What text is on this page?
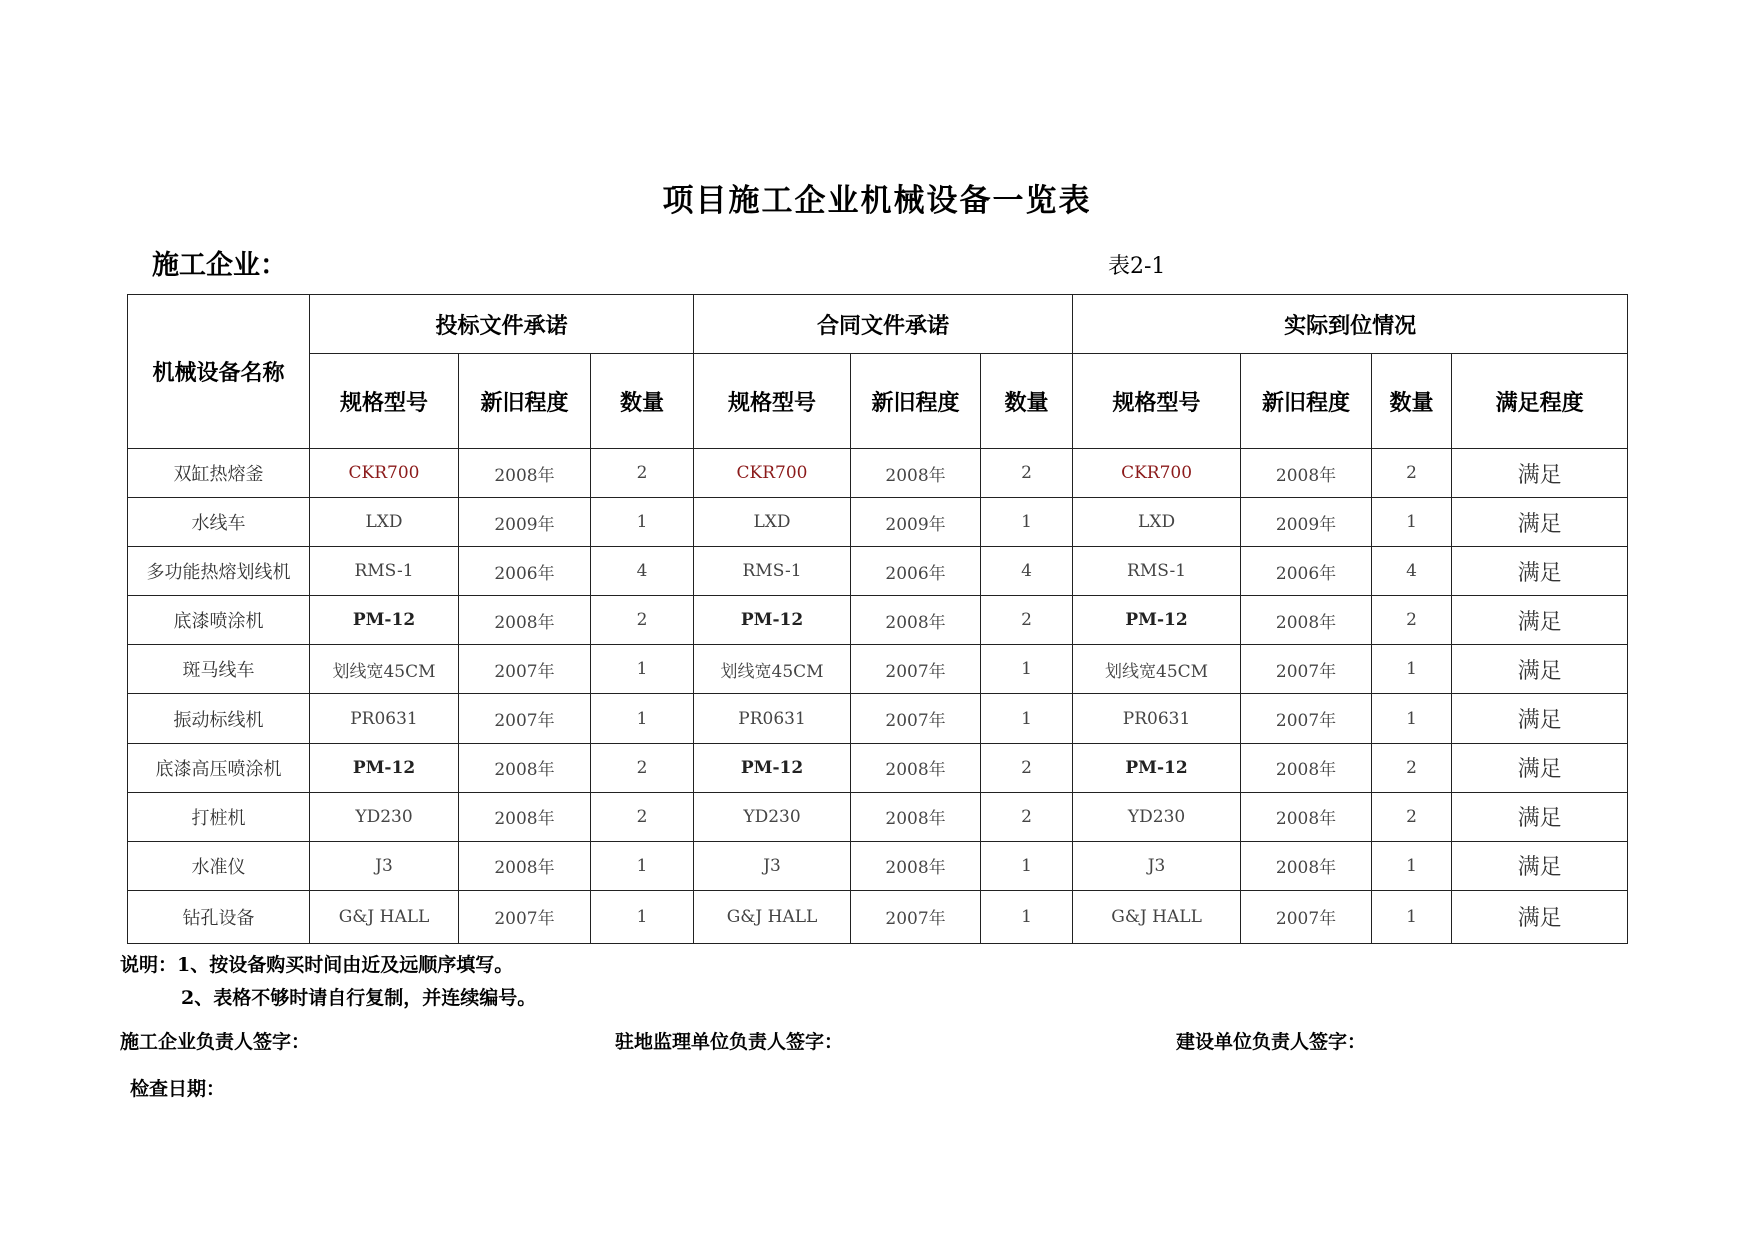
项目施工企业机械设备一览表
施工企业：	表2-1
机械设备名称	投标文件承诺			合同文件承诺			实际到位情况			
	规格型号	新旧程度	数量	规格型号	新旧程度	数量	规格型号	新旧程度	数量	满足程度
双缸热熔釜	CKR700	2008年	2	CKR700	2008年	2	CKR700	2008年	2	满足
水线车	LXD	2009年	1	LXD	2009年	1	LXD	2009年	1	满足
多功能热熔划线机	RMS-1	2006年	4	RMS-1	2006年	4	RMS-1	2006年	4	满足
底漆喷涂机	PM-12	2008年	2	PM-12	2008年	2	PM-12	2008年	2	满足
斑马线车	划线宽45CM	2007年	1	划线宽45CM	2007年	1	划线宽45CM	2007年	1	满足
振动标线机	PR0631	2007年	1	PR0631	2007年	1	PR0631	2007年	1	满足
底漆高压喷涂机	PM-12	2008年	2	PM-12	2008年	2	PM-12	2008年	2	满足
打桩机	YD230	2008年	2	YD230	2008年	2	YD230	2008年	2	满足
水准仪	J3	2008年	1	J3	2008年	1	J3	2008年	1	满足
钻孔设备	G&J HALL	2007年	1	G&J HALL	2007年	1	G&J HALL	2007年	1	满足
说明：1、按设备购买时间由近及远顺序填写。
2、表格不够时请自行复制，并连续编号。
施工企业负责人签字：	驻地监理单位负责人签字：	建设单位负责人签字：
检查日期：
